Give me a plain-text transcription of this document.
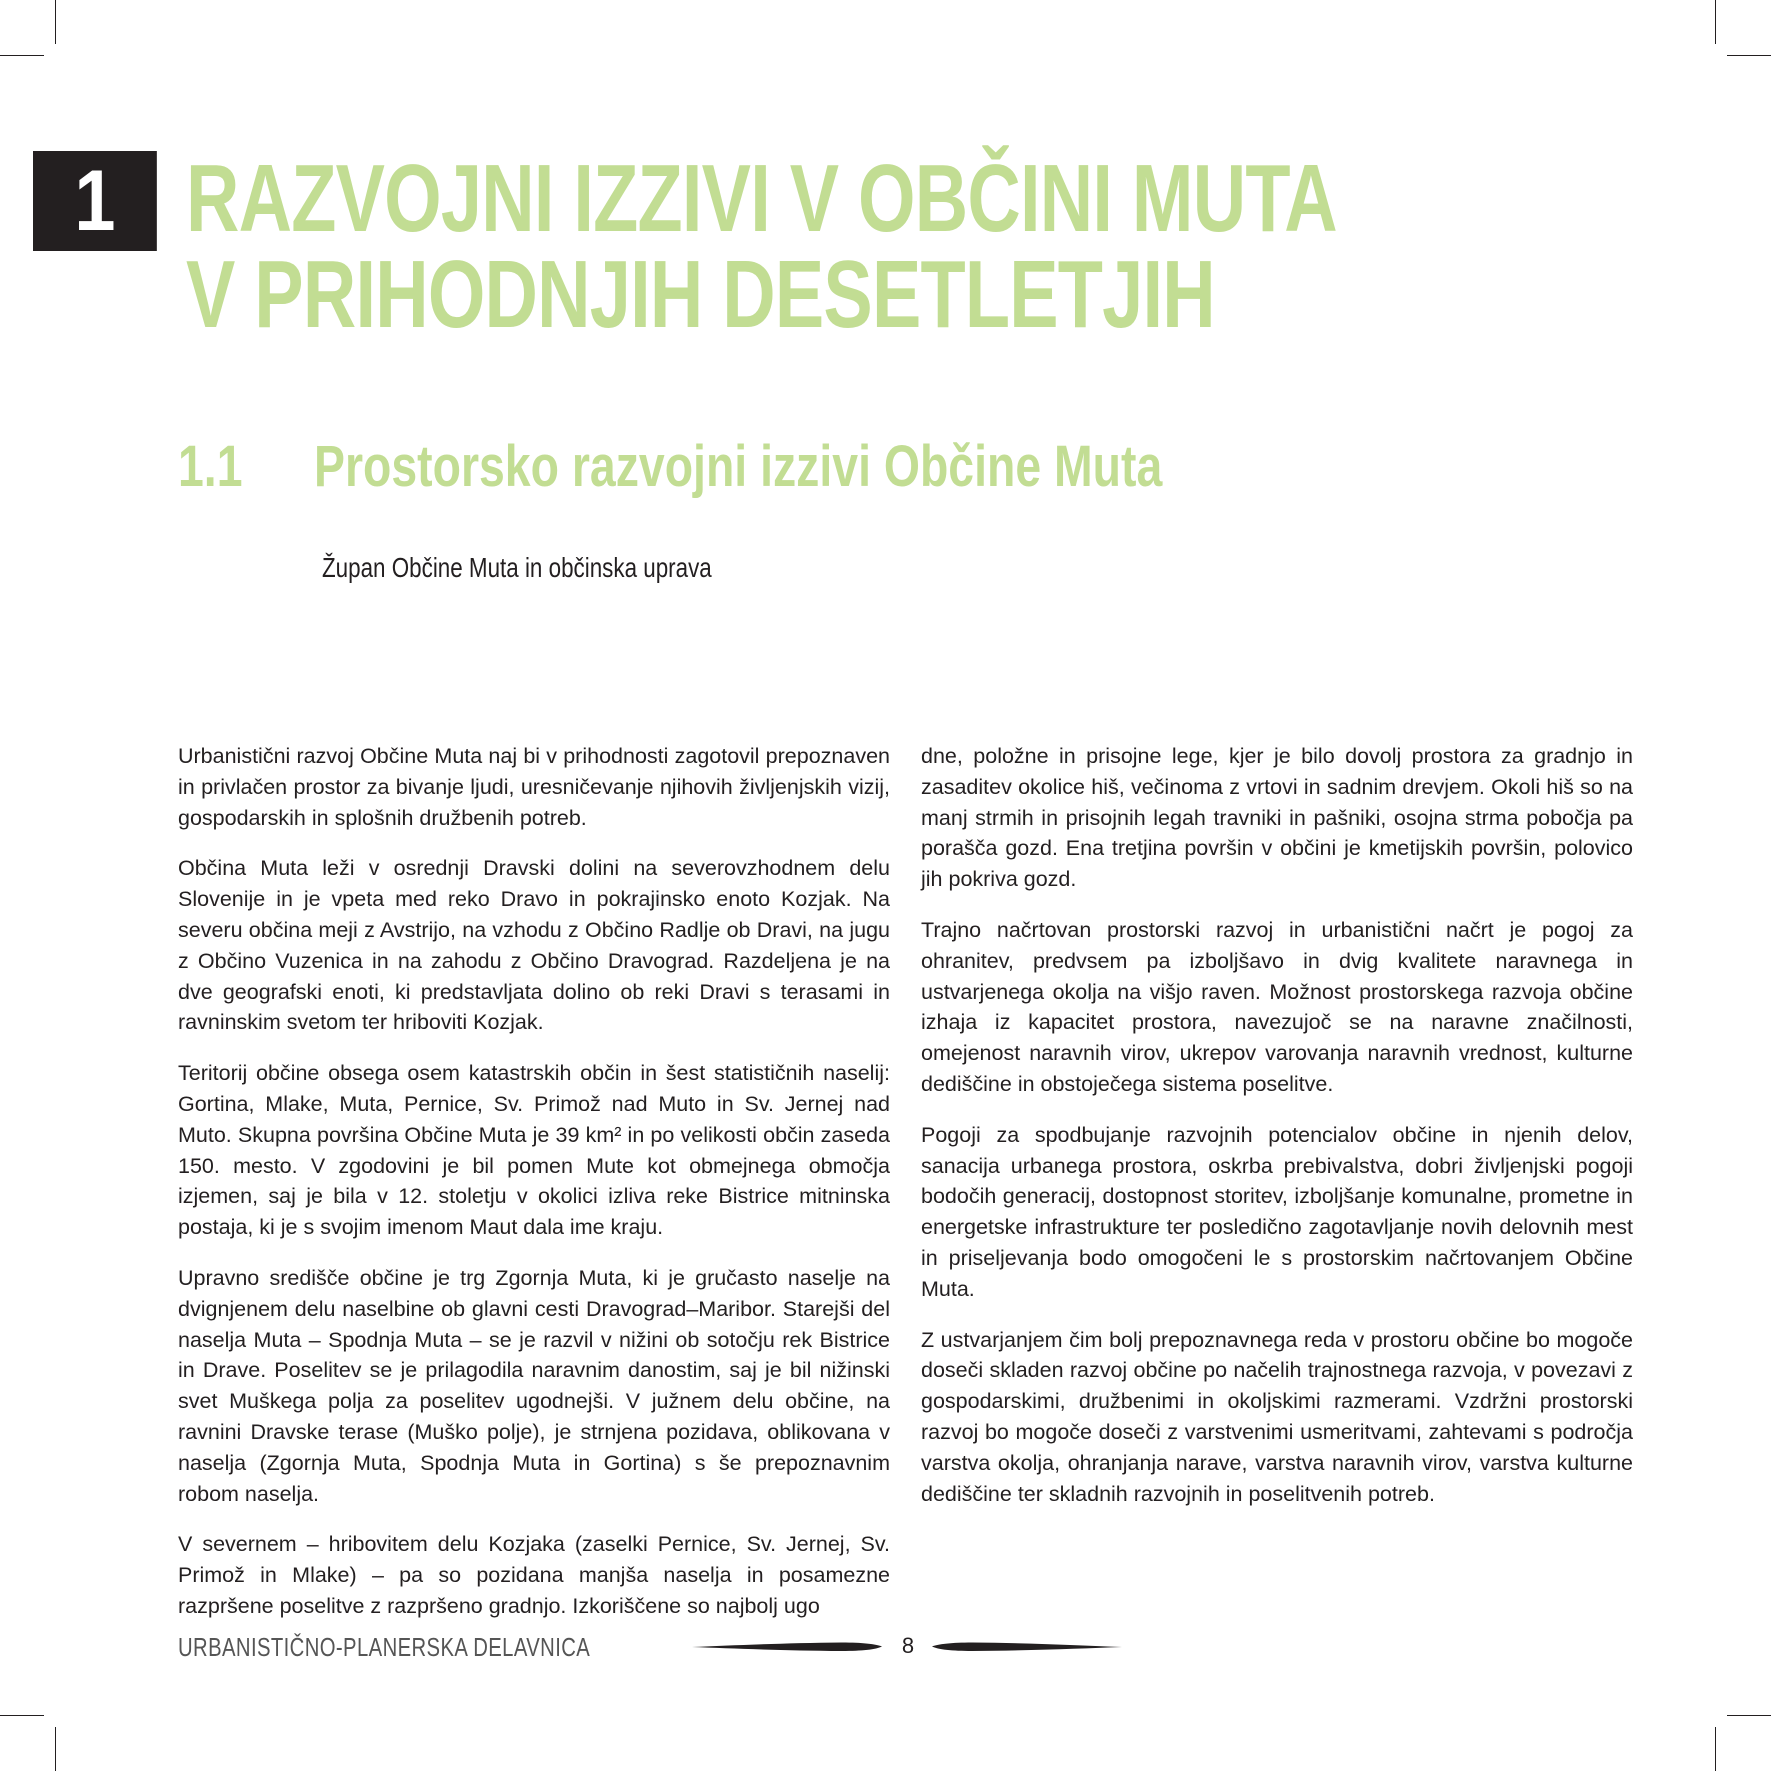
1 RAZVOJNI IZZIVI V OBČINI MUTA
V PRIHODNJIH DESETLETJIH
1.1 Prostorsko razvojni izzivi Občine Muta

Župan Občine Muta in občinska uprava

Urbanistični razvoj Občine Muta naj bi v prihodnosti zagotovil prepoznaven in privlačen prostor za bivanje ljudi, uresničevanje njihovih življenjskih vizij, gospodarskih in splošnih družbenih potreb.

Občina Muta leži v osrednji Dravski dolini na severovzhodnem delu Slovenije in je vpeta med reko Dravo in pokrajinsko enoto Kozjak. Na severu občina meji z Avstrijo, na vzhodu z Občino Radlje ob Dravi, na jugu z Občino Vuzenica in na zahodu z Občino Dravograd. Razdeljena je na dve geografski enoti, ki predstavljata dolino ob reki Dravi s terasami in ravninskim svetom ter hriboviti Kozjak.

Teritorij občine obsega osem katastrskih občin in šest statističnih naselij: Gortina, Mlake, Muta, Pernice, Sv. Primož nad Muto in Sv. Jernej nad Muto. Skupna površina Občine Muta je 39 km² in po velikosti občin zaseda 150. mesto. V zgodovini je bil pomen Mute kot obmejnega območja izjemen, saj je bila v 12. stoletju v okolici izliva reke Bistrice mitninska postaja, ki je s svojim imenom Maut dala ime kraju.

Upravno središče občine je trg Zgornja Muta, ki je gručasto naselje na dvignjenem delu naselbine ob glavni cesti Dravograd–Maribor. Starejši del naselja Muta – Spodnja Muta – se je razvil v nižini ob sotočju rek Bistrice in Drave. Poselitev se je prilagodila naravnim danostim, saj je bil nižinski svet Muškega polja za poselitev ugodnejši. V južnem delu občine, na ravnini Dravske terase (Muško polje), je strnjena pozidava, oblikovana v naselja (Zgornja Muta, Spodnja Muta in Gortina) s še prepoznavnim robom naselja.

V severnem – hribovitem delu Kozjaka (zaselki Pernice, Sv. Jernej, Sv. Primož in Mlake) – pa so pozidana manjša naselja in posamezne razpršene poselitve z razpršeno gradnjo. Izkoriščene so najbolj ugo

dne, položne in prisojne lege, kjer je bilo dovolj prostora za gradnjo in zasaditev okolice hiš, večinoma z vrtovi in sadnim drevjem. Okoli hiš so na manj strmih in prisojnih legah travniki in pašniki, osojna strma pobočja pa porašča gozd. Ena tretjina površin v občini je kmetijskih površin, polovico jih pokriva gozd.

Trajno načrtovan prostorski razvoj in urbanistični načrt je pogoj za ohranitev, predvsem pa izboljšavo in dvig kvalitete naravnega in ustvarjenega okolja na višjo raven. Možnost prostorskega razvoja občine izhaja iz kapacitet prostora, navezujoč se na naravne značilnosti, omejenost naravnih virov, ukrepov varovanja naravnih vrednost, kulturne dediščine in obstoječega sistema poselitve.

Pogoji za spodbujanje razvojnih potencialov občine in njenih delov, sanacija urbanega prostora, oskrba prebivalstva, dobri življenjski pogoji bodočih generacij, dostopnost storitev, izboljšanje komunalne, prometne in energetske infrastrukture ter posledično zagotavljanje novih delovnih mest in priseljevanja bodo omogočeni le s prostorskim načrtovanjem Občine Muta.

Z ustvarjanjem čim bolj prepoznavnega reda v prostoru občine bo mogoče doseči skladen razvoj občine po načelih trajnostnega razvoja, v povezavi z gospodarskimi, družbenimi in okoljskimi razmerami. Vzdržni prostorski razvoj bo mogoče doseči z varstvenimi usmeritvami, zahtevami s področja varstva okolja, ohranjanja narave, varstva naravnih virov, varstva kulturne dediščine ter skladnih razvojnih in poselitvenih potreb.

URBANISTIČNO-PLANERSKA DELAVNICA	8
